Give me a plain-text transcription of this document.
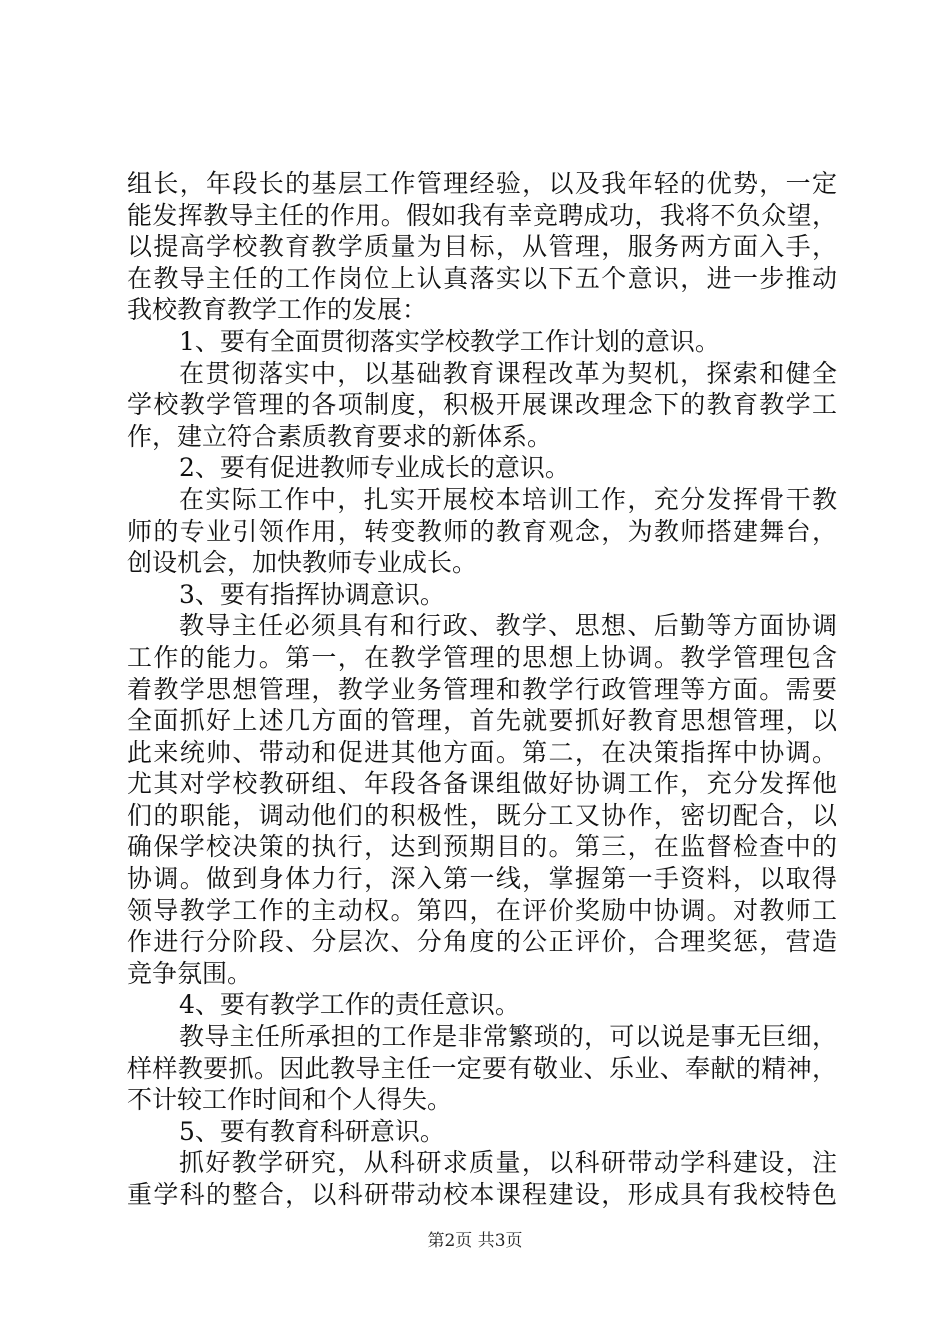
组长，年段长的基层工作管理经验，以及我年轻的优势，一定
能发挥教导主任的作用。假如我有幸竞聘成功，我将不负众望，
以提高学校教育教学质量为目标，从管理，服务两方面入手，
在教导主任的工作岗位上认真落实以下五个意识，进一步推动
我校教育教学工作的发展：
1、要有全面贯彻落实学校教学工作计划的意识。
在贯彻落实中，以基础教育课程改革为契机，探索和健全
学校教学管理的各项制度，积极开展课改理念下的教育教学工
作，建立符合素质教育要求的新体系。
2、要有促进教师专业成长的意识。
在实际工作中，扎实开展校本培训工作，充分发挥骨干教
师的专业引领作用，转变教师的教育观念，为教师搭建舞台，
创设机会，加快教师专业成长。
3、要有指挥协调意识。
教导主任必须具有和行政、教学、思想、后勤等方面协调
工作的能力。第一，在教学管理的思想上协调。教学管理包含
着教学思想管理，教学业务管理和教学行政管理等方面。需要
全面抓好上述几方面的管理，首先就要抓好教育思想管理，以
此来统帅、带动和促进其他方面。第二，在决策指挥中协调。
尤其对学校教研组、年段各备课组做好协调工作，充分发挥他
们的职能，调动他们的积极性，既分工又协作，密切配合，以
确保学校决策的执行，达到预期目的。第三，在监督检查中的
协调。做到身体力行，深入第一线，掌握第一手资料，以取得
领导教学工作的主动权。第四，在评价奖励中协调。对教师工
作进行分阶段、分层次、分角度的公正评价，合理奖惩，营造
竞争氛围。
4、要有教学工作的责任意识。
教导主任所承担的工作是非常繁琐的，可以说是事无巨细，
样样教要抓。因此教导主任一定要有敬业、乐业、奉献的精神，
不计较工作时间和个人得失。
5、要有教育科研意识。
抓好教学研究，从科研求质量，以科研带动学科建设，注
重学科的整合，以科研带动校本课程建设，形成具有我校特色
第2页 共3页
